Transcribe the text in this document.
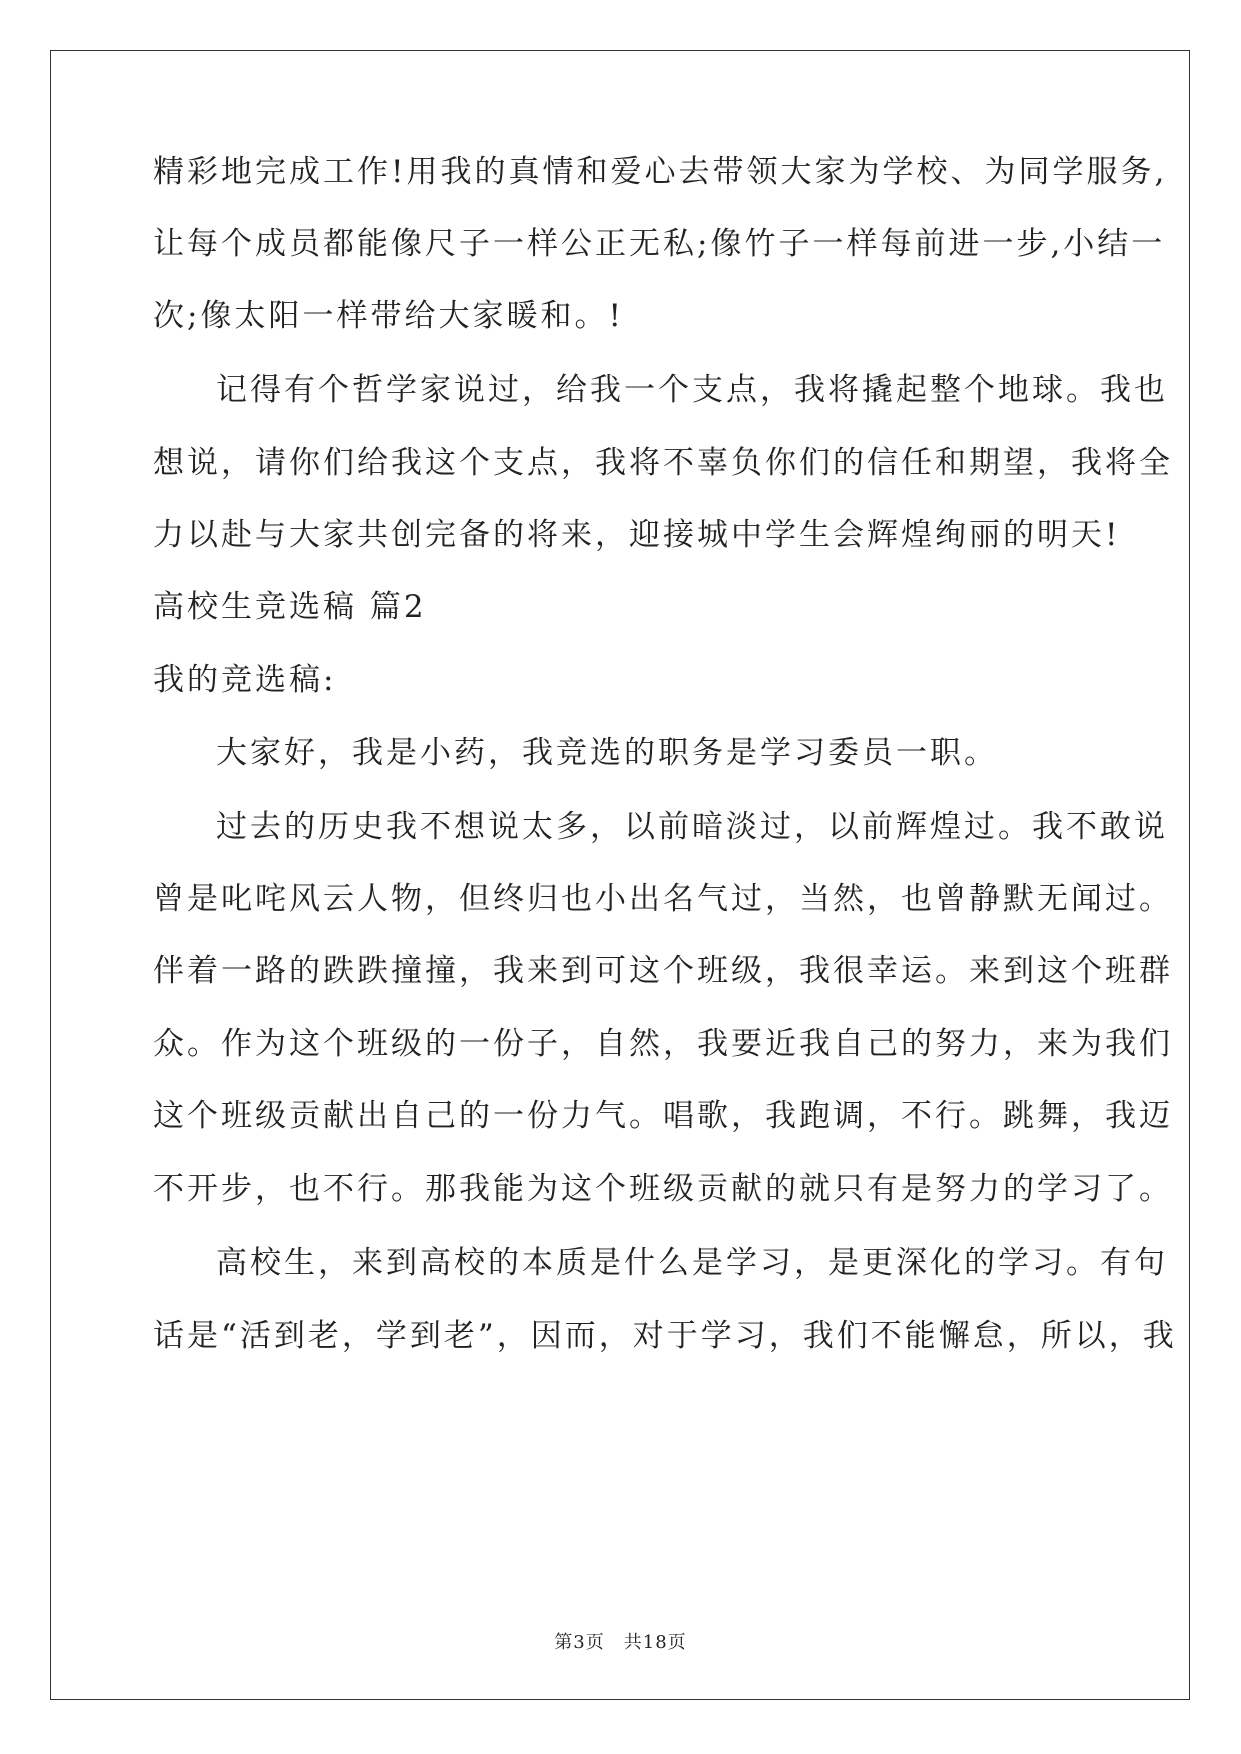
精彩地完成工作!用我的真情和爱心去带领大家为学校、为同学服务,
让每个成员都能像尺子一样公正无私;像竹子一样每前进一步,小结一
次;像太阳一样带给大家暖和。!
记得有个哲学家说过，给我一个支点，我将撬起整个地球。我也
想说，请你们给我这个支点，我将不辜负你们的信任和期望，我将全
力以赴与大家共创完备的将来，迎接城中学生会辉煌绚丽的明天!
高校生竞选稿 篇2
我的竞选稿:
大家好，我是小药，我竞选的职务是学习委员一职。
过去的历史我不想说太多，以前暗淡过，以前辉煌过。我不敢说
曾是叱咤风云人物，但终归也小出名气过，当然，也曾静默无闻过。
伴着一路的跌跌撞撞，我来到可这个班级，我很幸运。来到这个班群
众。作为这个班级的一份子，自然，我要近我自己的努力，来为我们
这个班级贡献出自己的一份力气。唱歌，我跑调，不行。跳舞，我迈
不开步，也不行。那我能为这个班级贡献的就只有是努力的学习了。
高校生，来到高校的本质是什么是学习，是更深化的学习。有句
话是“活到老，学到老”，因而，对于学习，我们不能懈怠，所以，我
第3页　共18页
